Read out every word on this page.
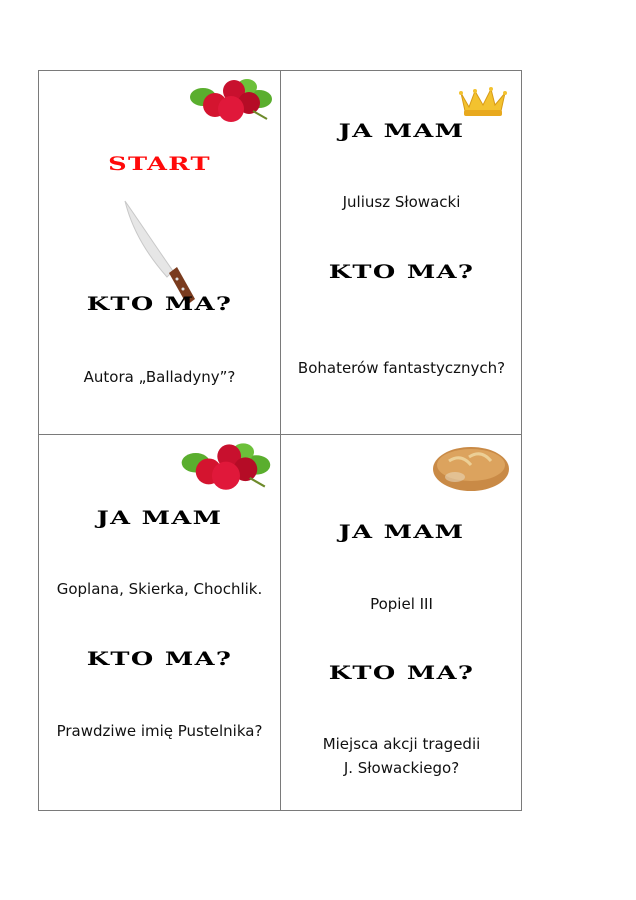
START
KTO MA?
Autora „Balladyny”?
JA MAM
Juliusz Słowacki
KTO MA?
Bohaterów fantastycznych?
JA MAM
Goplana, Skierka, Chochlik.
KTO MA?
Prawdziwe imię Pustelnika?
JA MAM
Popiel III
KTO MA?
Miejsca akcji tragedii
J. Słowackiego?
